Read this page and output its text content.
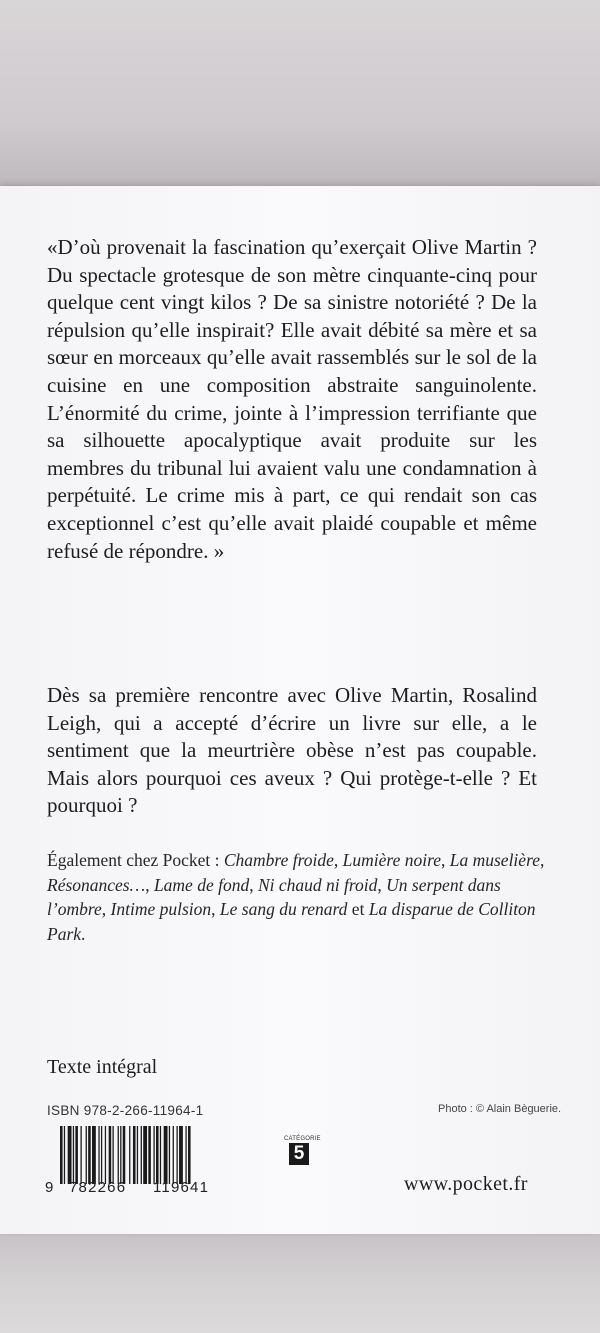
«D’où provenait la fascination qu’exerçait Olive Martin ? Du spectacle grotesque de son mètre cinquante-cinq pour quelque cent vingt kilos ? De sa sinistre notoriété ? De la répulsion qu’elle inspirait? Elle avait débité sa mère et sa sœur en morceaux qu’elle avait rassemblés sur le sol de la cuisine en une composition abstraite sanguinolente. L’énormité du crime, jointe à l’impression terrifiante que sa silhouette apocalyptique avait produite sur les membres du tribunal lui avaient valu une condamnation à perpétuité. Le crime mis à part, ce qui rendait son cas exceptionnel c’est qu’elle avait plaidé coupable et même refusé de répondre. »

Dès sa première rencontre avec Olive Martin, Rosalind Leigh, qui a accepté d’écrire un livre sur elle, a le sentiment que la meurtrière obèse n’est pas coupable. Mais alors pourquoi ces aveux ? Qui protège-t-elle ? Et pourquoi ?

Également chez Pocket : Chambre froide, Lumière noire, La muselière, Résonances…, Lame de fond, Ni chaud ni froid, Un serpent dans l’ombre, Intime pulsion, Le sang du renard et La disparue de Colliton Park.

Texte intégral

ISBN 978-2-266-11964-1	Photo : © Alain Bèguerie.

9 782266 119641
CATÉGORIE
5

www.pocket.fr
